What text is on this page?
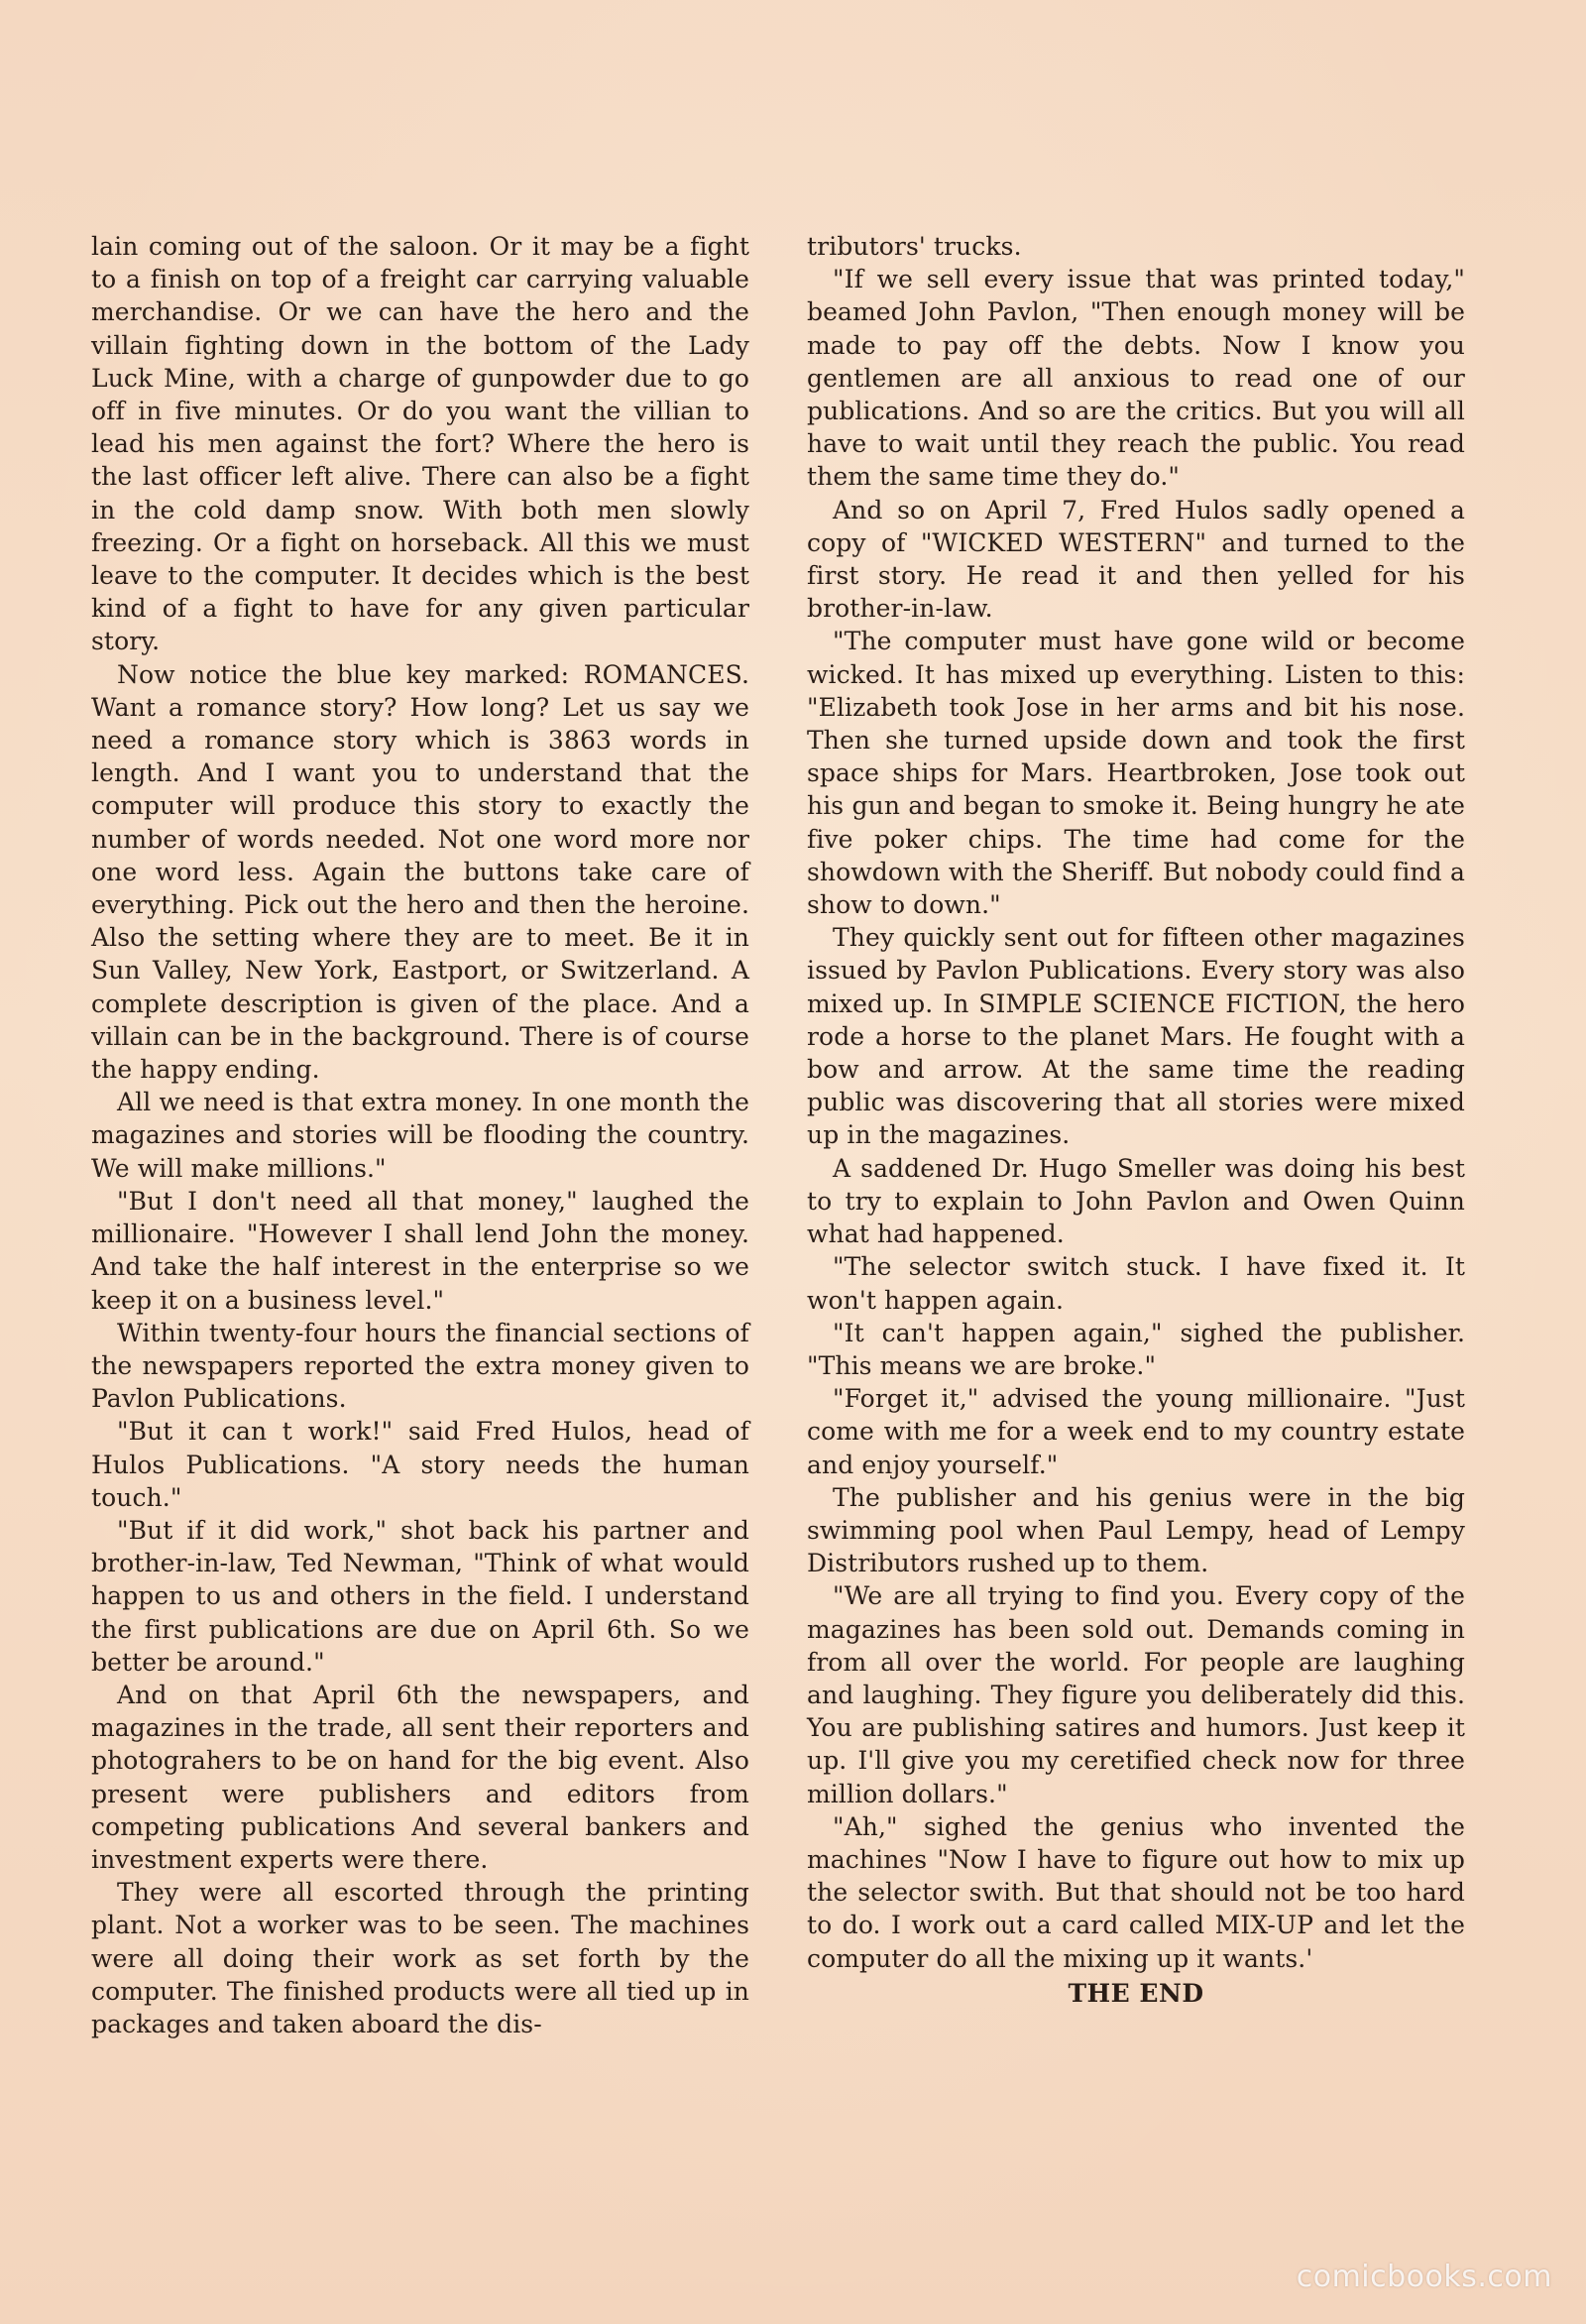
lain coming out of the saloon. Or it may be a fight to a finish on top of a freight car carrying valuable merchandise. Or we can have the hero and the villain fighting down in the bottom of the Lady Luck Mine, with a charge of gunpowder due to go off in five minutes. Or do you want the villian to lead his men against the fort? Where the hero is the last officer left alive. There can also be a fight in the cold damp snow. With both men slowly freezing. Or a fight on horseback. All this we must leave to the computer. It decides which is the best kind of a fight to have for any given particular story.

Now notice the blue key marked: ROMANCES. Want a romance story? How long? Let us say we need a romance story which is 3863 words in length. And I want you to understand that the computer will produce this story to exactly the number of words needed. Not one word more nor one word less. Again the buttons take care of everything. Pick out the hero and then the heroine. Also the setting where they are to meet. Be it in Sun Valley, New York, Eastport, or Switzerland. A complete description is given of the place. And a villain can be in the background. There is of course the happy ending.

All we need is that extra money. In one month the magazines and stories will be flooding the country. We will make millions."

"But I don't need all that money," laughed the millionaire. "However I shall lend John the money. And take the half interest in the enterprise so we keep it on a business level."

Within twenty-four hours the financial sections of the newspapers reported the extra money given to Pavlon Publications.

"But it can t work!" said Fred Hulos, head of Hulos Publications. "A story needs the human touch."

"But if it did work," shot back his partner and brother-in-law, Ted Newman, "Think of what would happen to us and others in the field. I understand the first publications are due on April 6th. So we better be around."

And on that April 6th the newspapers, and magazines in the trade, all sent their reporters and photograhers to be on hand for the big event. Also present were publishers and editors from competing publications And several bankers and investment experts were there.

They were all escorted through the printing plant. Not a worker was to be seen. The machines were all doing their work as set forth by the computer. The finished products were all tied up in packages and taken aboard the dis-

tributors' trucks.

"If we sell every issue that was printed today," beamed John Pavlon, "Then enough money will be made to pay off the debts. Now I know you gentlemen are all anxious to read one of our publications. And so are the critics. But you will all have to wait until they reach the public. You read them the same time they do."

And so on April 7, Fred Hulos sadly opened a copy of "WICKED WESTERN" and turned to the first story. He read it and then yelled for his brother-in-law.

"The computer must have gone wild or become wicked. It has mixed up everything. Listen to this: "Elizabeth took Jose in her arms and bit his nose. Then she turned upside down and took the first space ships for Mars. Heartbroken, Jose took out his gun and began to smoke it. Being hungry he ate five poker chips. The time had come for the showdown with the Sheriff. But nobody could find a show to down."

They quickly sent out for fifteen other magazines issued by Pavlon Publications. Every story was also mixed up. In SIMPLE SCIENCE FICTION, the hero rode a horse to the planet Mars. He fought with a bow and arrow. At the same time the reading public was discovering that all stories were mixed up in the magazines.

A saddened Dr. Hugo Smeller was doing his best to try to explain to John Pavlon and Owen Quinn what had happened.

"The selector switch stuck. I have fixed it. It won't happen again.

"It can't happen again," sighed the publisher. "This means we are broke."

"Forget it," advised the young millionaire. "Just come with me for a week end to my country estate and enjoy yourself."

The publisher and his genius were in the big swimming pool when Paul Lempy, head of Lempy Distributors rushed up to them.

"We are all trying to find you. Every copy of the magazines has been sold out. Demands coming in from all over the world. For people are laughing and laughing. They figure you deliberately did this. You are publishing satires and humors. Just keep it up. I'll give you my ceretified check now for three million dollars."

"Ah," sighed the genius who invented the machines "Now I have to figure out how to mix up the selector swith. But that should not be too hard to do. I work out a card called MIX-UP and let the computer do all the mixing up it wants.'

THE END

comicbooks.com
